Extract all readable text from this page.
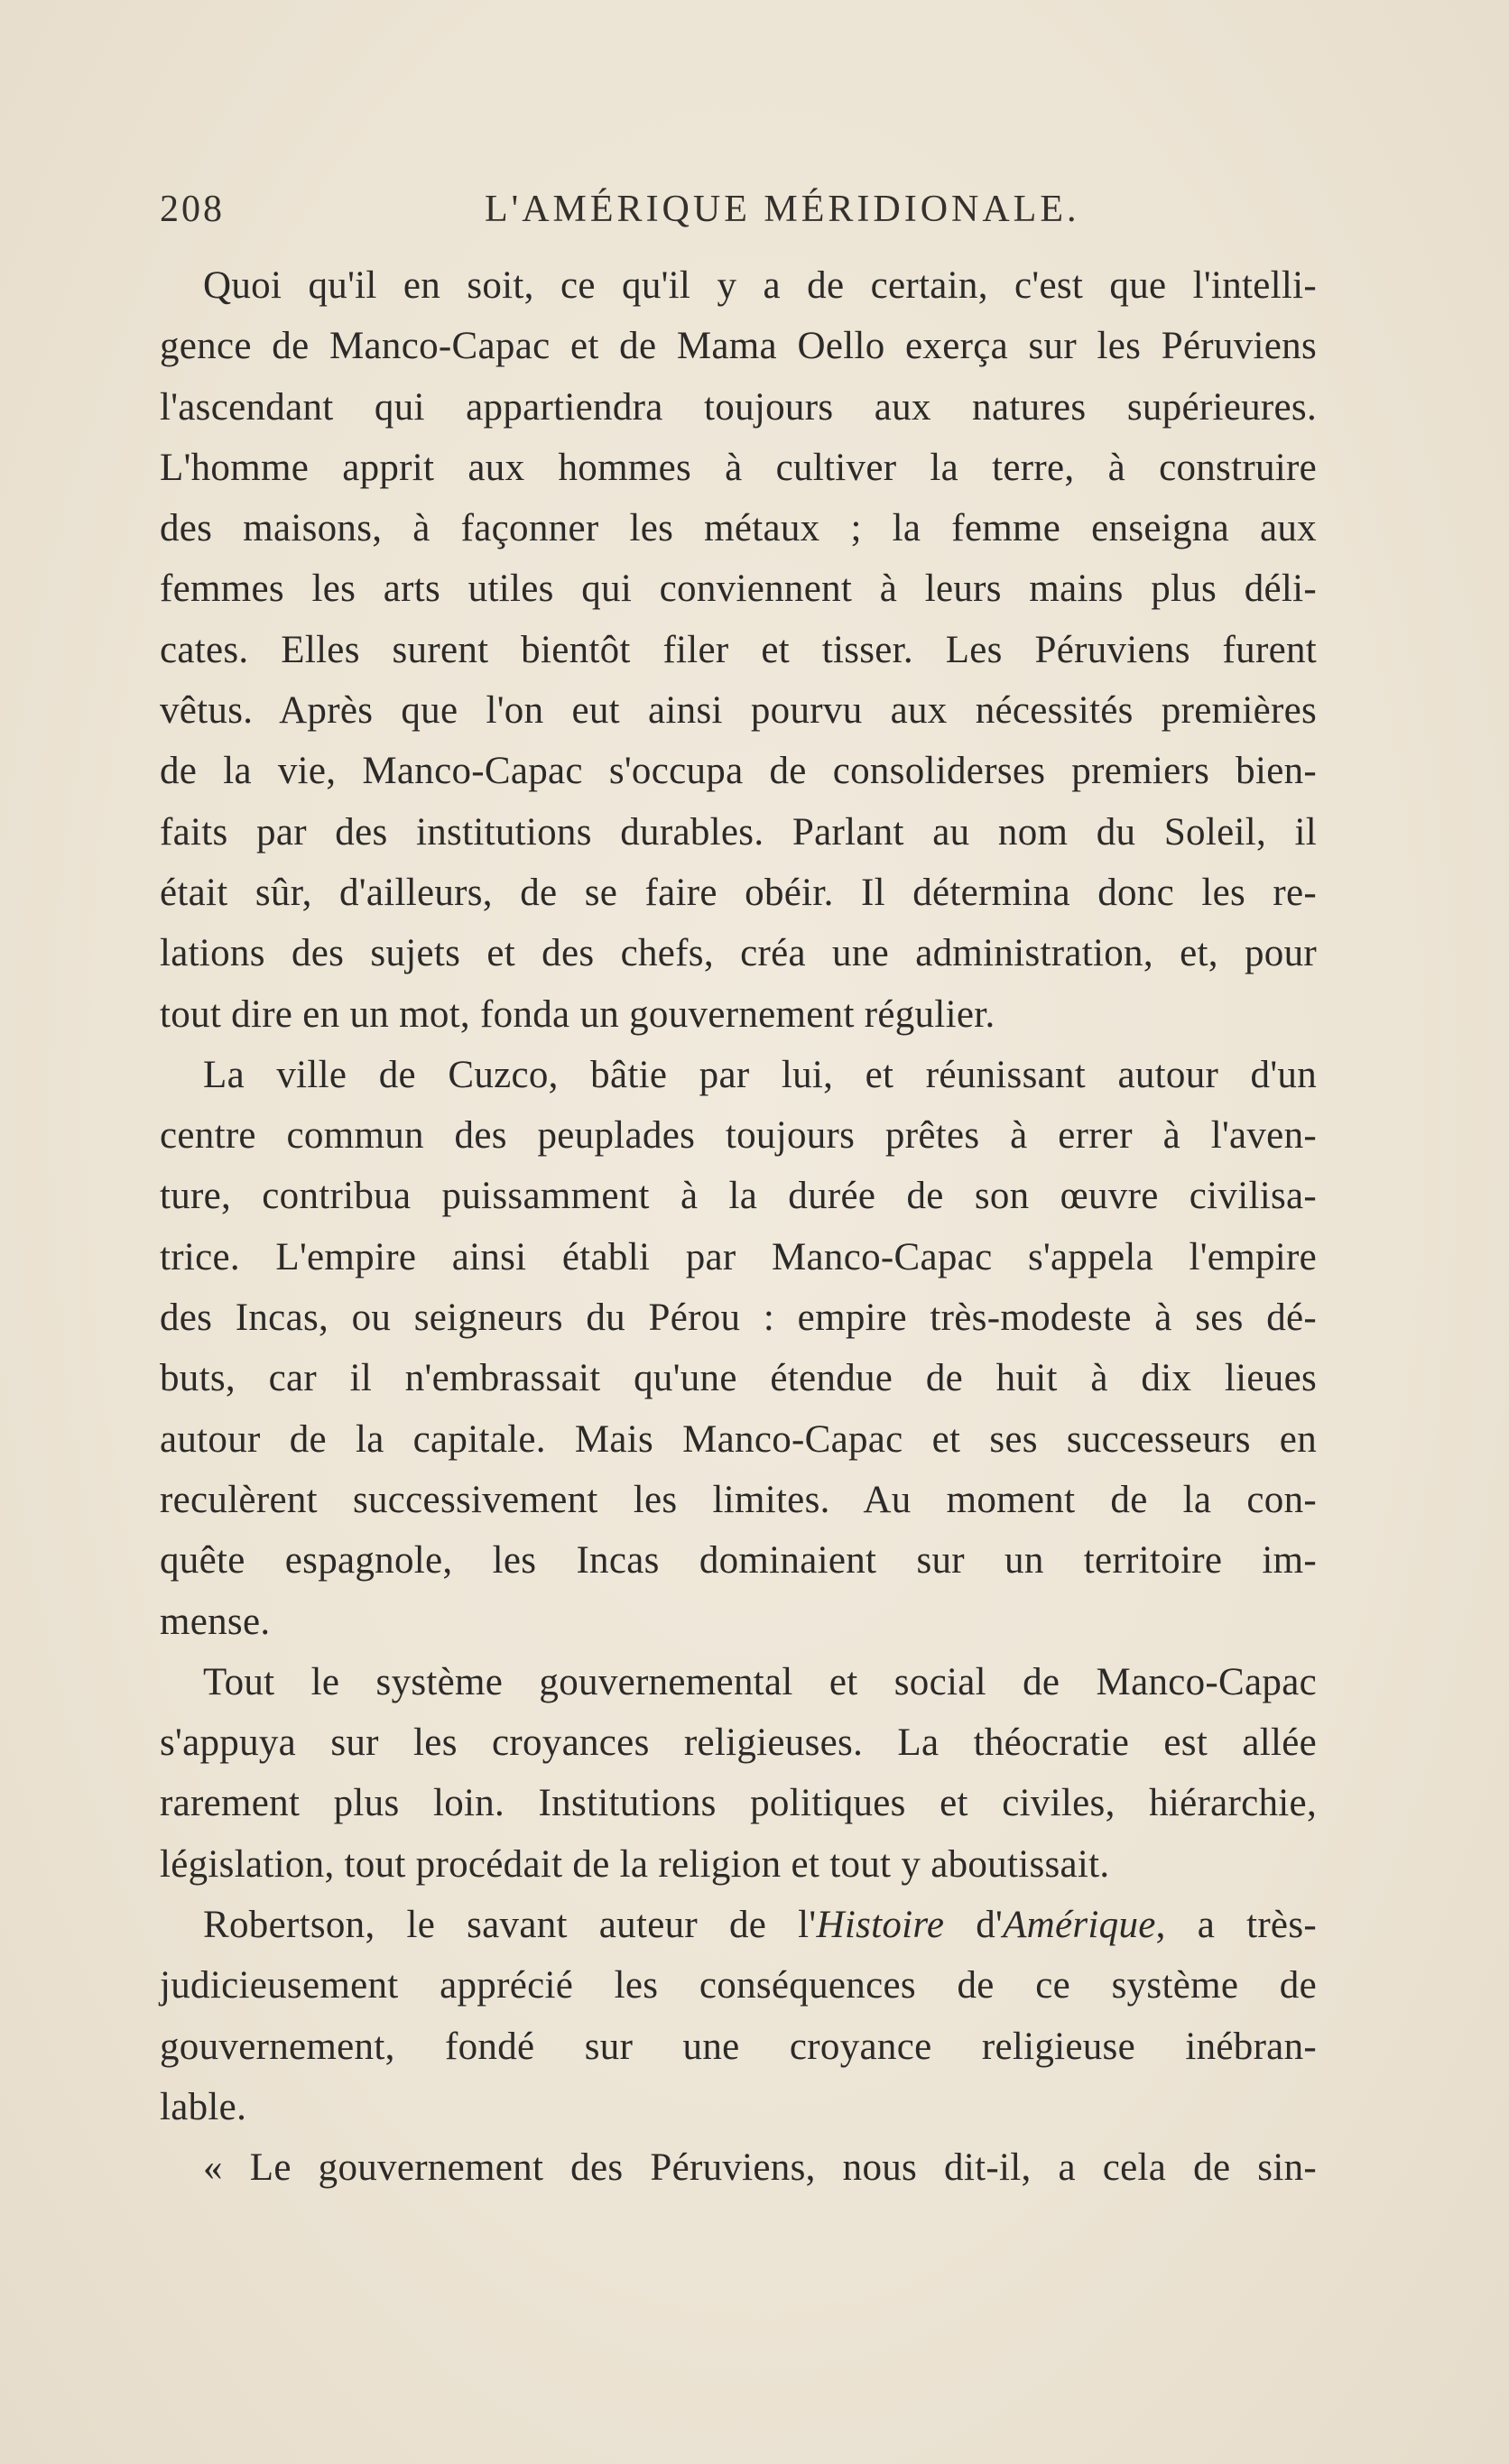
208	L'AMÉRIQUE MÉRIDIONALE.

Quoi qu'il en soit, ce qu'il y a de certain, c'est que l'intelli-
gence de Manco-Capac et de Mama Oello exerça sur les Péruviens
l'ascendant qui appartiendra toujours aux natures supérieures.
L'homme apprit aux hommes à cultiver la terre, à construire
des maisons, à façonner les métaux ; la femme enseigna aux
femmes les arts utiles qui conviennent à leurs mains plus déli-
cates. Elles surent bientôt filer et tisser. Les Péruviens furent
vêtus. Après que l'on eut ainsi pourvu aux nécessités premières
de la vie, Manco-Capac s'occupa de consoliderses premiers bien-
faits par des institutions durables. Parlant au nom du Soleil, il
était sûr, d'ailleurs, de se faire obéir. Il détermina donc les re-
lations des sujets et des chefs, créa une administration, et, pour
tout dire en un mot, fonda un gouvernement régulier.

La ville de Cuzco, bâtie par lui, et réunissant autour d'un
centre commun des peuplades toujours prêtes à errer à l'aven-
ture, contribua puissamment à la durée de son œuvre civilisa-
trice. L'empire ainsi établi par Manco-Capac s'appela l'empire
des Incas, ou seigneurs du Pérou : empire très-modeste à ses dé-
buts, car il n'embrassait qu'une étendue de huit à dix lieues
autour de la capitale. Mais Manco-Capac et ses successeurs en
reculèrent successivement les limites. Au moment de la con-
quête espagnole, les Incas dominaient sur un territoire im-
mense.

Tout le système gouvernemental et social de Manco-Capac
s'appuya sur les croyances religieuses. La théocratie est allée
rarement plus loin. Institutions politiques et civiles, hiérarchie,
législation, tout procédait de la religion et tout y aboutissait.

Robertson, le savant auteur de l'Histoire d'Amérique, a très-
judicieusement apprécié les conséquences de ce système de
gouvernement, fondé sur une croyance religieuse inébran-
lable.

« Le gouvernement des Péruviens, nous dit-il, a cela de sin-
